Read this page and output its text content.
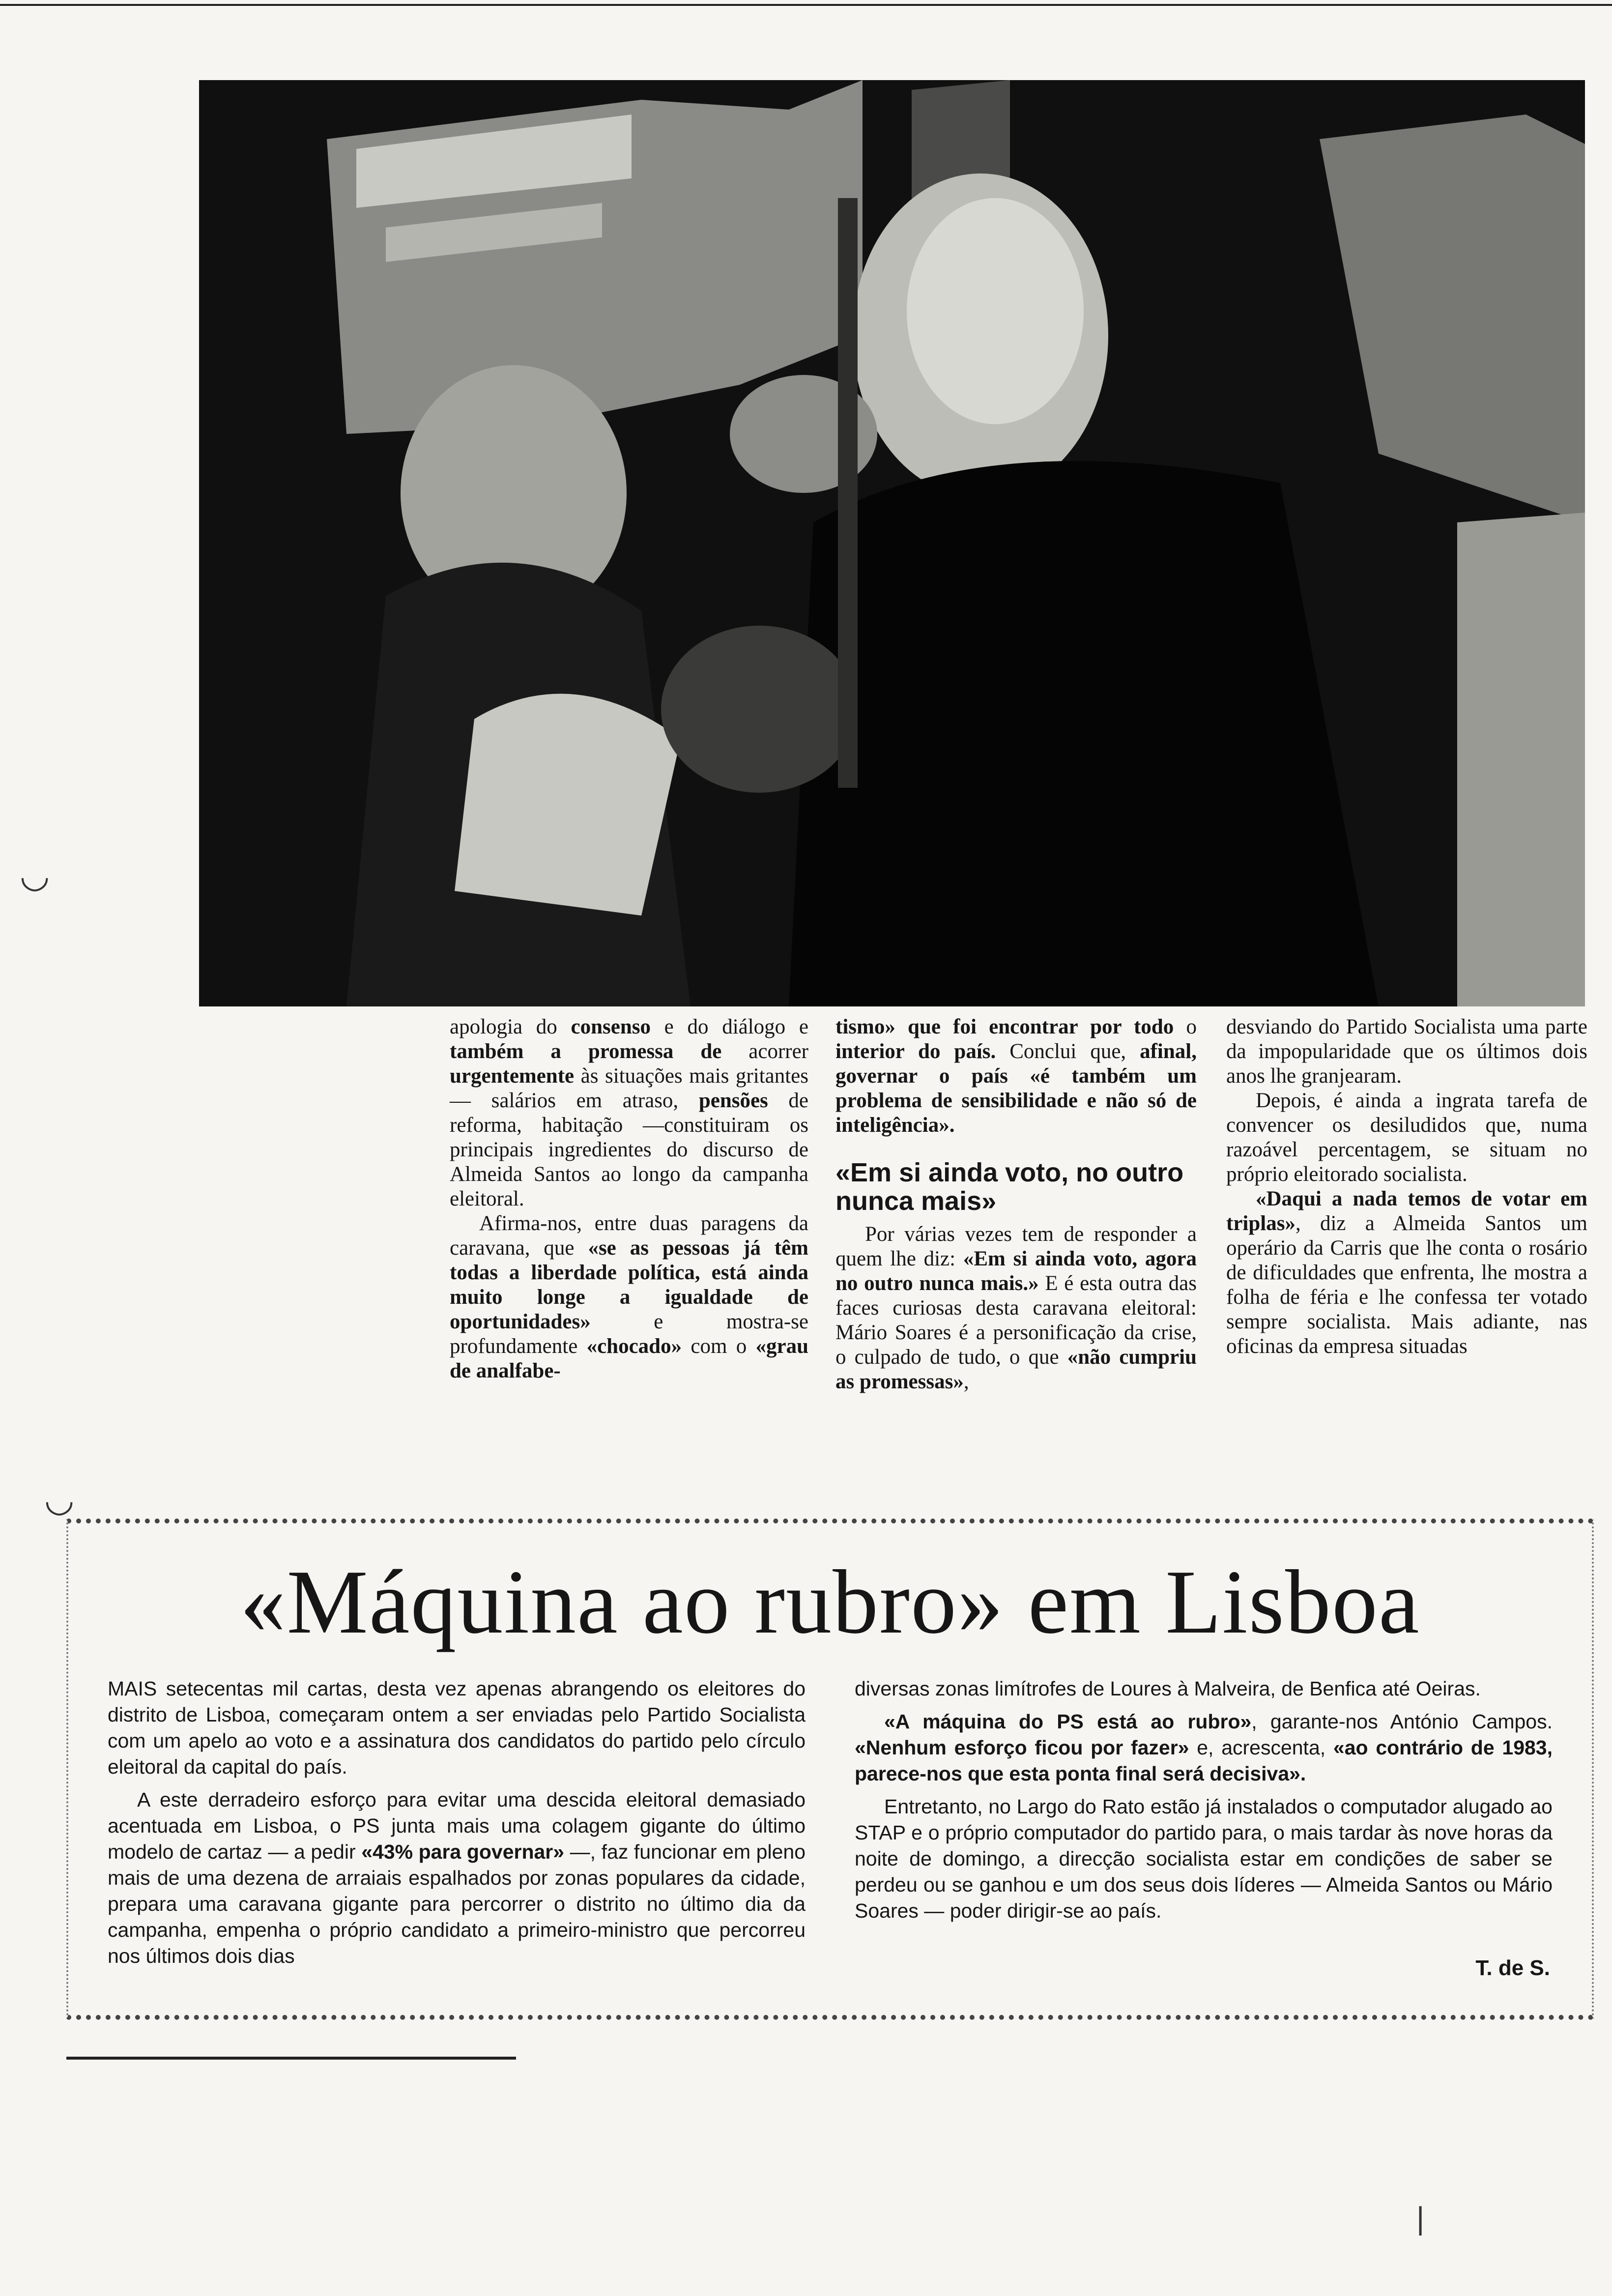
apologia do consenso e do diálogo e também a promessa de acorrer urgentemente às situações mais gritantes — salários em atraso, pensões de reforma, habitação —constituiram os principais ingredientes do discurso de Almeida Santos ao longo da campanha eleitoral.

Afirma-nos, entre duas paragens da caravana, que «se as pessoas já têm todas a liberdade política, está ainda muito longe a igualdade de oportunidades» e mostra-se profundamente «chocado» com o «grau de analfabe-

tismo» que foi encontrar por todo o interior do país. Conclui que, afinal, governar o país «é também um problema de sensibilidade e não só de inteligência».

«Em si ainda voto, no outro nunca mais»

Por várias vezes tem de responder a quem lhe diz: «Em si ainda voto, agora no outro nunca mais.» E é esta outra das faces curiosas desta caravana eleitoral: Mário Soares é a personificação da crise, o culpado de tudo, o que «não cumpriu as promessas»,

desviando do Partido Socialista uma parte da impopularidade que os últimos dois anos lhe granjearam.

Depois, é ainda a ingrata tarefa de convencer os desiludidos que, numa razoável percentagem, se situam no próprio eleitorado socialista.

«Daqui a nada temos de votar em triplas», diz a Almeida Santos um operário da Carris que lhe conta o rosário de dificuldades que enfrenta, lhe mostra a folha de féria e lhe confessa ter votado sempre socialista. Mais adiante, nas oficinas da empresa situadas

«Máquina ao rubro» em Lisboa

MAIS setecentas mil cartas, desta vez apenas abrangendo os eleitores do distrito de Lisboa, começaram ontem a ser enviadas pelo Partido Socialista com um apelo ao voto e a assinatura dos candidatos do partido pelo círculo eleitoral da capital do país.

A este derradeiro esforço para evitar uma descida eleitoral demasiado acentuada em Lisboa, o PS junta mais uma colagem gigante do último modelo de cartaz — a pedir «43% para governar» —, faz funcionar em pleno mais de uma dezena de arraiais espalhados por zonas populares da cidade, prepara uma caravana gigante para percorrer o distrito no último dia da campanha, empenha o próprio candidato a primeiro-ministro que percorreu nos últimos dois dias

diversas zonas limítrofes de Loures à Malveira, de Benfica até Oeiras.

«A máquina do PS está ao rubro», garante-nos António Campos. «Nenhum esforço ficou por fazer» e, acrescenta, «ao contrário de 1983, parece-nos que esta ponta final será decisiva».

Entretanto, no Largo do Rato estão já instalados o computador alugado ao STAP e o próprio computador do partido para, o mais tardar às nove horas da noite de domingo, a direcção socialista estar em condições de saber se perdeu ou se ganhou e um dos seus dois líderes — Almeida Santos ou Mário Soares — poder dirigir-se ao país.

T. de S.
◡
◡
|
